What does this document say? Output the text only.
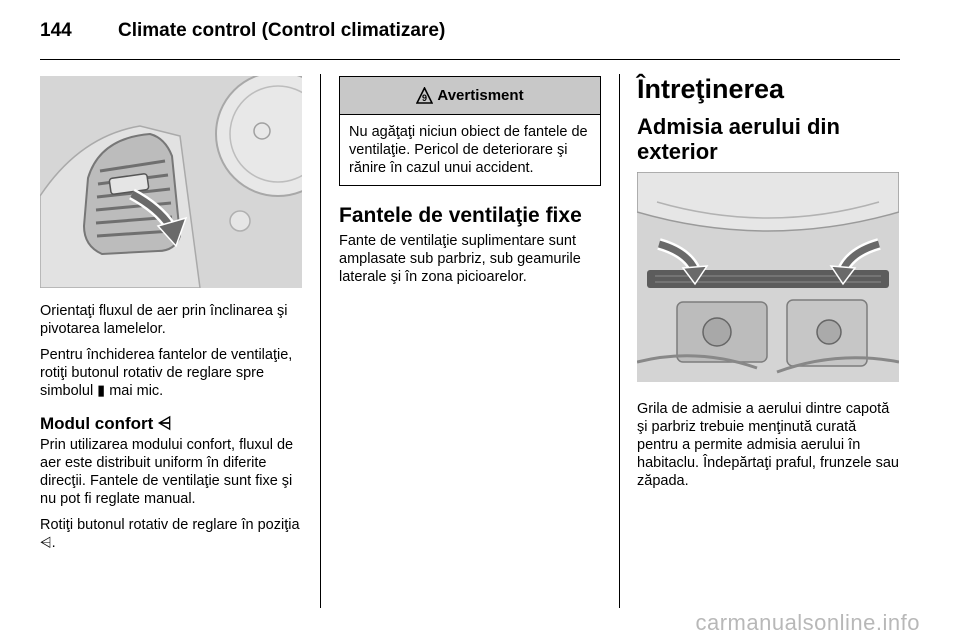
144 Climate control (Control climatizare)

Orientaţi fluxul de aer prin înclinarea şi pivotarea lamelelor.

Pentru închiderea fantelor de ventilaţie, rotiţi butonul rotativ de reglare spre simbolul ▮ mai mic.

Modul confort ⩤

Prin utilizarea modului confort, fluxul de aer este distribuit uniform în diferite direcţii. Fantele de ventilaţie sunt fixe şi nu pot fi reglate manual.

Rotiţi butonul rotativ de reglare în poziţia ⩤.

9 Avertisment
Nu agăţaţi niciun obiect de fantele de ventilaţie. Pericol de deteriorare şi rănire în cazul unui accident.
Fantele de ventilaţie fixe

Fante de ventilaţie suplimentare sunt amplasate sub parbriz, sub geamurile laterale şi în zona picioarelor.

Întreţinerea
Admisia aerului din exterior

Grila de admisie a aerului dintre capotă şi parbriz trebuie menţinută curată pentru a permite admisia aerului în habitaclu. Îndepărtaţi praful, frunzele sau zăpada.

carmanualsonline.info
